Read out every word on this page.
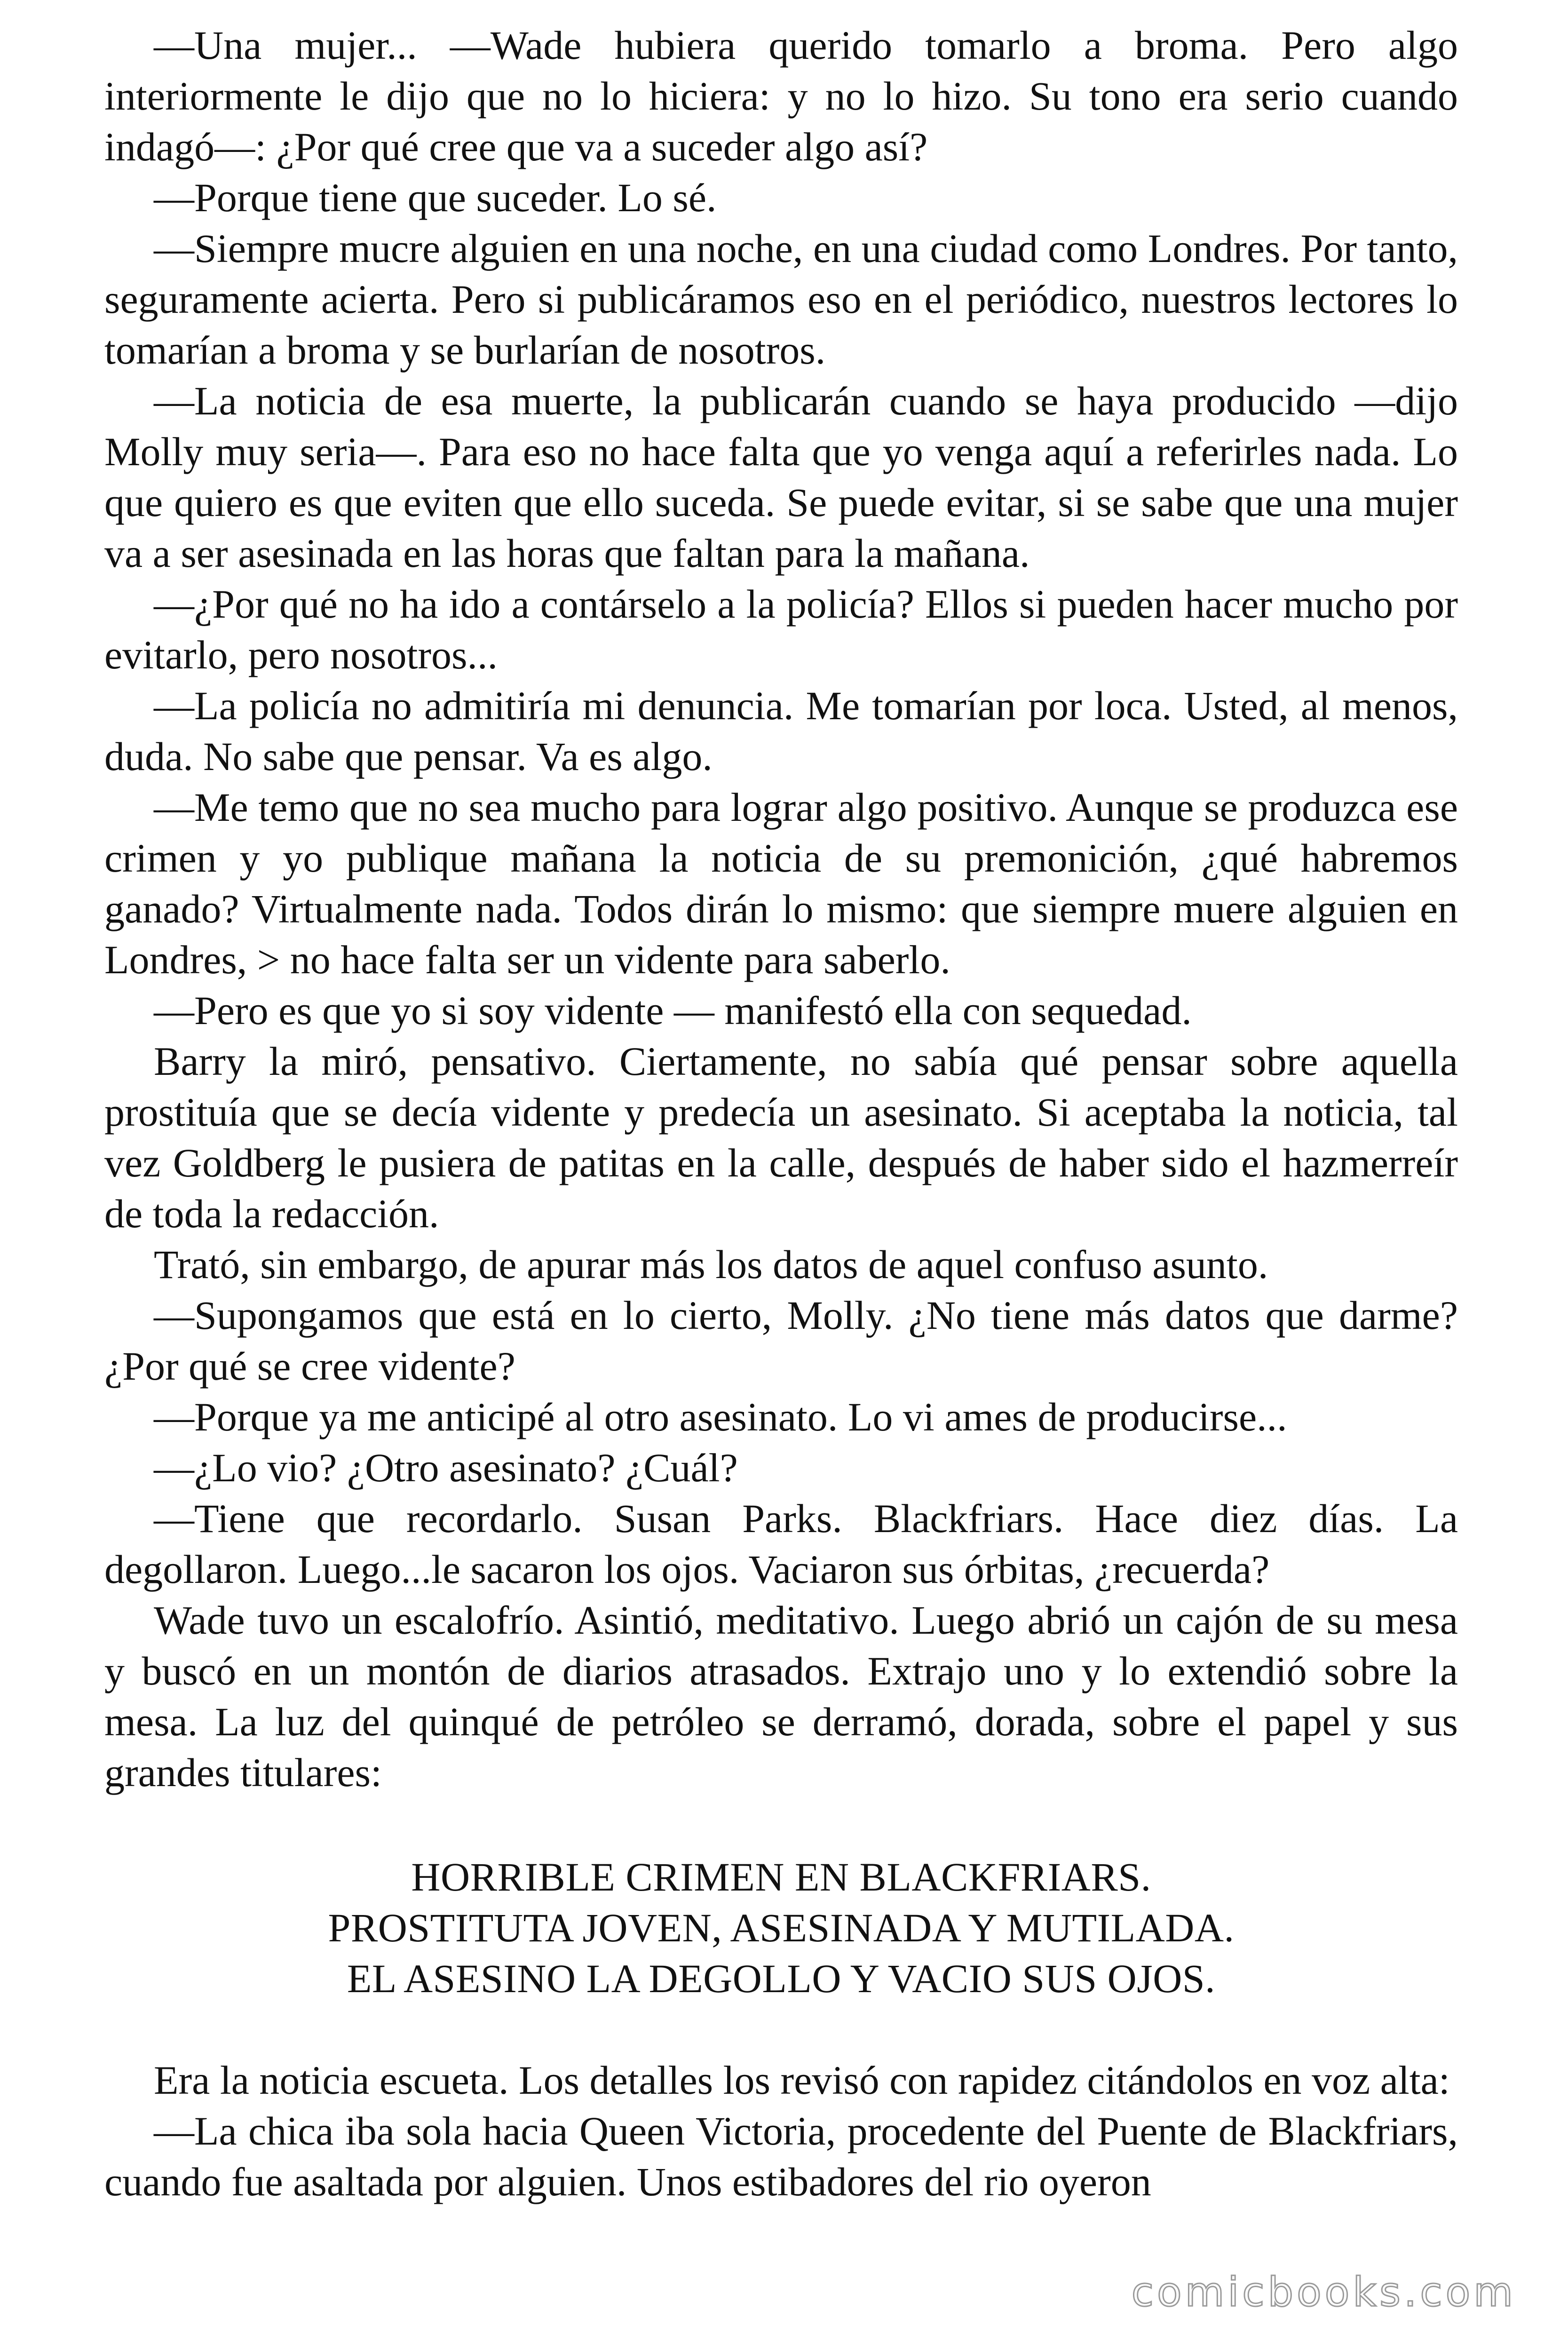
—Una mujer... —Wade hubiera querido tomarlo a broma. Pero algo interiormente le dijo que no lo hiciera: y no lo hizo. Su tono era serio cuando indagó—: ¿Por qué cree que va a suceder algo así?

—Porque tiene que suceder. Lo sé.

—Siempre mucre alguien en una noche, en una ciudad como Londres. Por tanto, seguramente acierta. Pero si publicáramos eso en el periódico, nuestros lectores lo tomarían a broma y se burlarían de nosotros.

—La noticia de esa muerte, la publicarán cuando se haya producido —dijo Molly muy seria—. Para eso no hace falta que yo venga aquí a referirles nada. Lo que quiero es que eviten que ello suceda. Se puede evitar, si se sabe que una mujer va a ser asesinada en las horas que faltan para la mañana.

—¿Por qué no ha ido a contárselo a la policía? Ellos si pueden hacer mucho por evitarlo, pero nosotros...

—La policía no admitiría mi denuncia. Me tomarían por loca. Usted, al menos, duda. No sabe que pensar. Va es algo.

—Me temo que no sea mucho para lograr algo positivo. Aunque se produzca ese crimen y yo publique mañana la noticia de su premonición, ¿qué habremos ganado? Virtualmente nada. Todos dirán lo mismo: que siempre muere alguien en Londres, > no hace falta ser un vidente para saberlo.

—Pero es que yo si soy vidente — manifestó ella con sequedad.

Barry la miró, pensativo. Ciertamente, no sabía qué pensar sobre aquella prostituía que se decía vidente y predecía un asesinato. Si aceptaba la noticia, tal vez Goldberg le pusiera de patitas en la calle, después de haber sido el hazmerreír de toda la redacción.

Trató, sin embargo, de apurar más los datos de aquel confuso asunto.

—Supongamos que está en lo cierto, Molly. ¿No tiene más datos que darme? ¿Por qué se cree vidente?

—Porque ya me anticipé al otro asesinato. Lo vi ames de producirse...

—¿Lo vio? ¿Otro asesinato? ¿Cuál?

—Tiene que recordarlo. Susan Parks. Blackfriars. Hace diez días. La degollaron. Luego...le sacaron los ojos. Vaciaron sus órbitas, ¿recuerda?

Wade tuvo un escalofrío. Asintió, meditativo. Luego abrió un cajón de su mesa y buscó en un montón de diarios atrasados. Extrajo uno y lo extendió sobre la mesa. La luz del quinqué de petróleo se derramó, dorada, sobre el papel y sus grandes titulares:

HORRIBLE CRIMEN EN BLACKFRIARS.
PROSTITUTA JOVEN, ASESINADA Y MUTILADA.
EL ASESINO LA DEGOLLO Y VACIO SUS OJOS.

Era la noticia escueta. Los detalles los revisó con rapidez citándolos en voz alta:

—La chica iba sola hacia Queen Victoria, procedente del Puente de Blackfriars, cuando fue asaltada por alguien. Unos estibadores del rio oyeron

comicbooks.com
